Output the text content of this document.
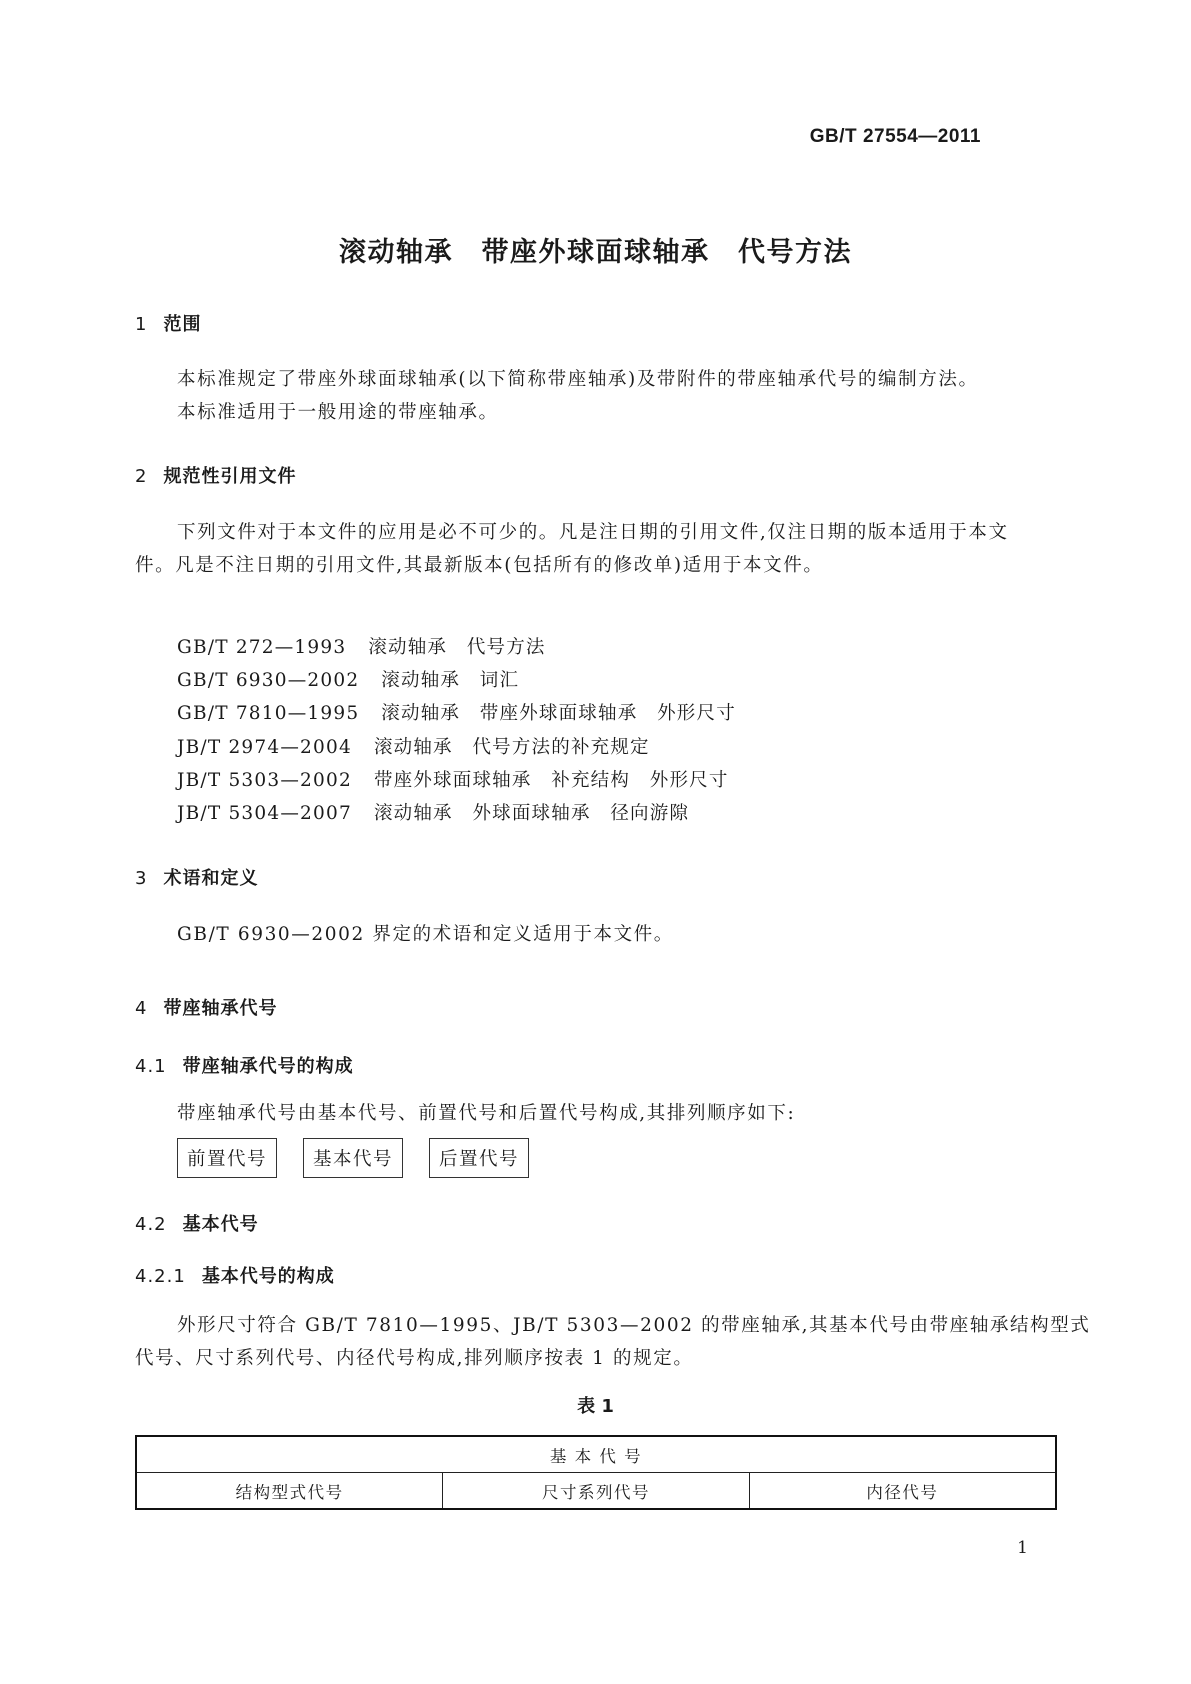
GB/T 27554—2011
滚动轴承　带座外球面球轴承　代号方法
1 范围
本标准规定了带座外球面球轴承(以下简称带座轴承)及带附件的带座轴承代号的编制方法。
本标准适用于一般用途的带座轴承。
2 规范性引用文件
下列文件对于本文件的应用是必不可少的。凡是注日期的引用文件,仅注日期的版本适用于本文
件。凡是不注日期的引用文件,其最新版本(包括所有的修改单)适用于本文件。
GB/T 272—1993 滚动轴承　代号方法
GB/T 6930—2002 滚动轴承　词汇
GB/T 7810—1995 滚动轴承　带座外球面球轴承　外形尺寸
JB/T 2974—2004 滚动轴承　代号方法的补充规定
JB/T 5303—2002 带座外球面球轴承　补充结构　外形尺寸
JB/T 5304—2007 滚动轴承　外球面球轴承　径向游隙
3 术语和定义
GB/T 6930—2002 界定的术语和定义适用于本文件。
4 带座轴承代号
4.1 带座轴承代号的构成
带座轴承代号由基本代号、前置代号和后置代号构成,其排列顺序如下:
前置代号	基本代号	后置代号
4.2 基本代号
4.2.1 基本代号的构成
外形尺寸符合 GB/T 7810—1995、JB/T 5303—2002 的带座轴承,其基本代号由带座轴承结构型式
代号、尺寸系列代号、内径代号构成,排列顺序按表 1 的规定。
表 1
基 本 代 号
结构型式代号	尺寸系列代号	内径代号
1
